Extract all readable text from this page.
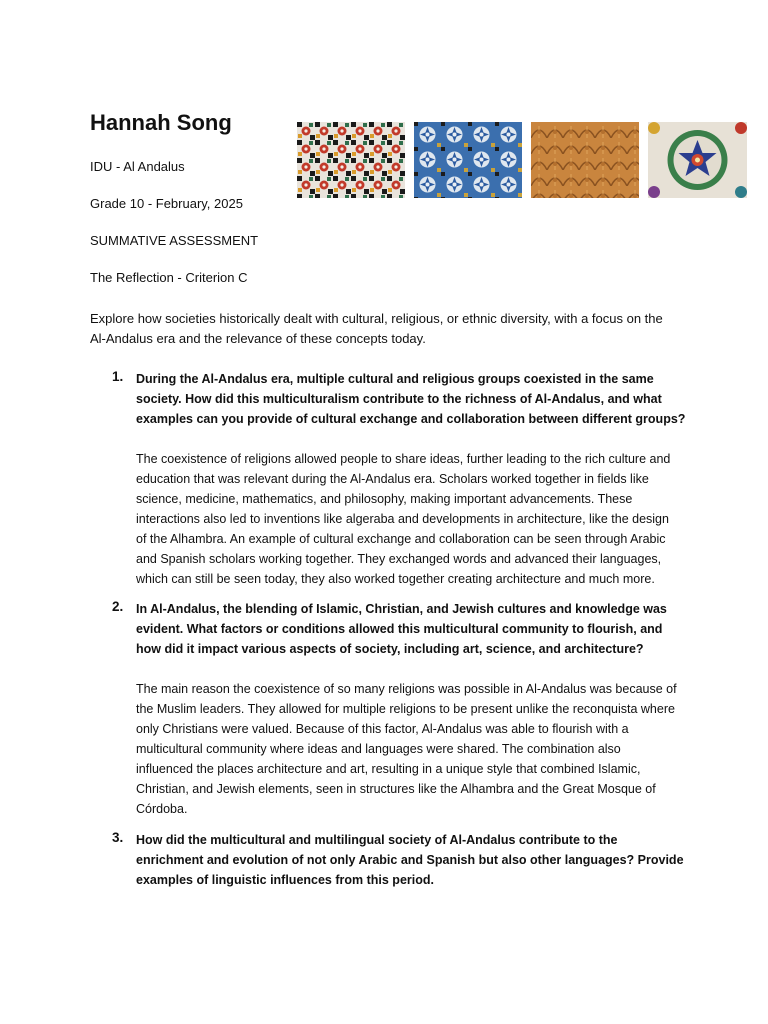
Hannah Song

IDU - Al Andalus

Grade 10 - February, 2025

SUMMATIVE ASSESSMENT

The Reflection - Criterion C

Explore how societies historically dealt with cultural, religious, or ethnic diversity, with a focus on the Al-Andalus era and the relevance of these concepts today.

1. During the Al-Andalus era, multiple cultural and religious groups coexisted in the same society. How did this multiculturalism contribute to the richness of Al-Andalus, and what examples can you provide of cultural exchange and collaboration between different groups?

The coexistence of religions allowed people to share ideas, further leading to the rich culture and education that was relevant during the Al-Andalus era. Scholars worked together in fields like science, medicine, mathematics, and philosophy, making important advancements. These interactions also led to inventions like algeraba and developments in architecture, like the design of the Alhambra. An example of cultural exchange and collaboration can be seen through Arabic and Spanish scholars working together. They exchanged words and advanced their languages, which can still be seen today, they also worked together creating architecture and much more.

2. In Al-Andalus, the blending of Islamic, Christian, and Jewish cultures and knowledge was evident. What factors or conditions allowed this multicultural community to flourish, and how did it impact various aspects of society, including art, science, and architecture?

The main reason the coexistence of so many religions was possible in Al-Andalus was because of the Muslim leaders. They allowed for multiple religions to be present unlike the reconquista where only Christians were valued. Because of this factor, Al-Andalus was able to flourish with a multicultural community where ideas and languages were shared. The combination also influenced the places architecture and art, resulting in a unique style that combined Islamic, Christian, and Jewish elements, seen in structures like the Alhambra and the Great Mosque of Córdoba.

3. How did the multicultural and multilingual society of Al-Andalus contribute to the enrichment and evolution of not only Arabic and Spanish but also other languages? Provide examples of linguistic influences from this period.
